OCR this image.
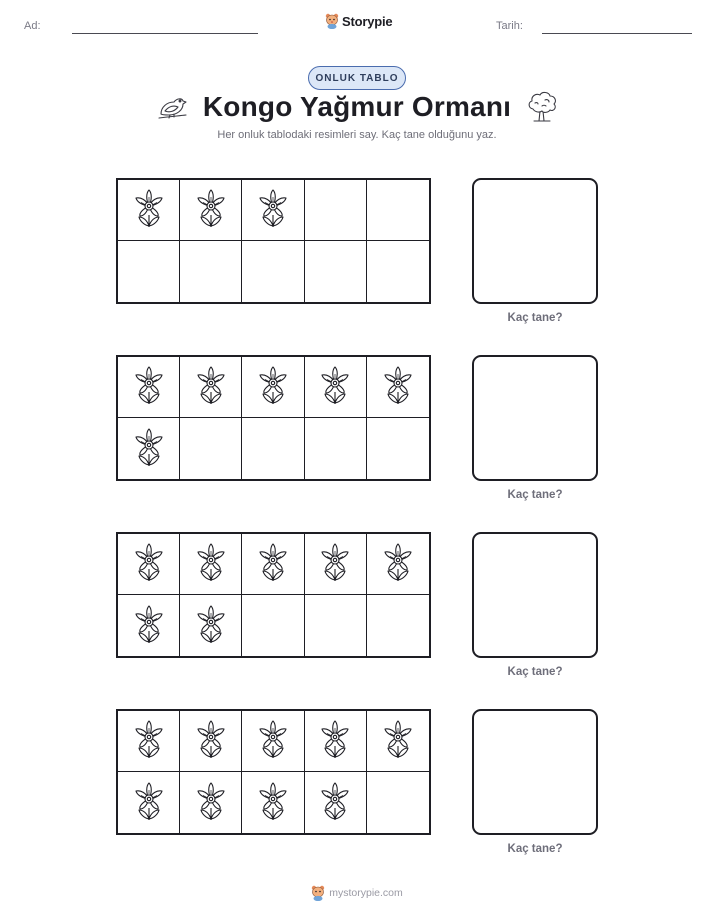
Ad:	Storypie	Tarih:
ONLUK TABLO
Kongo Yağmur Ormanı
Her onluk tablodaki resimleri say. Kaç tane olduğunu yaz.
Kaç tane?
Kaç tane?
Kaç tane?
Kaç tane?
mystorypie.com
